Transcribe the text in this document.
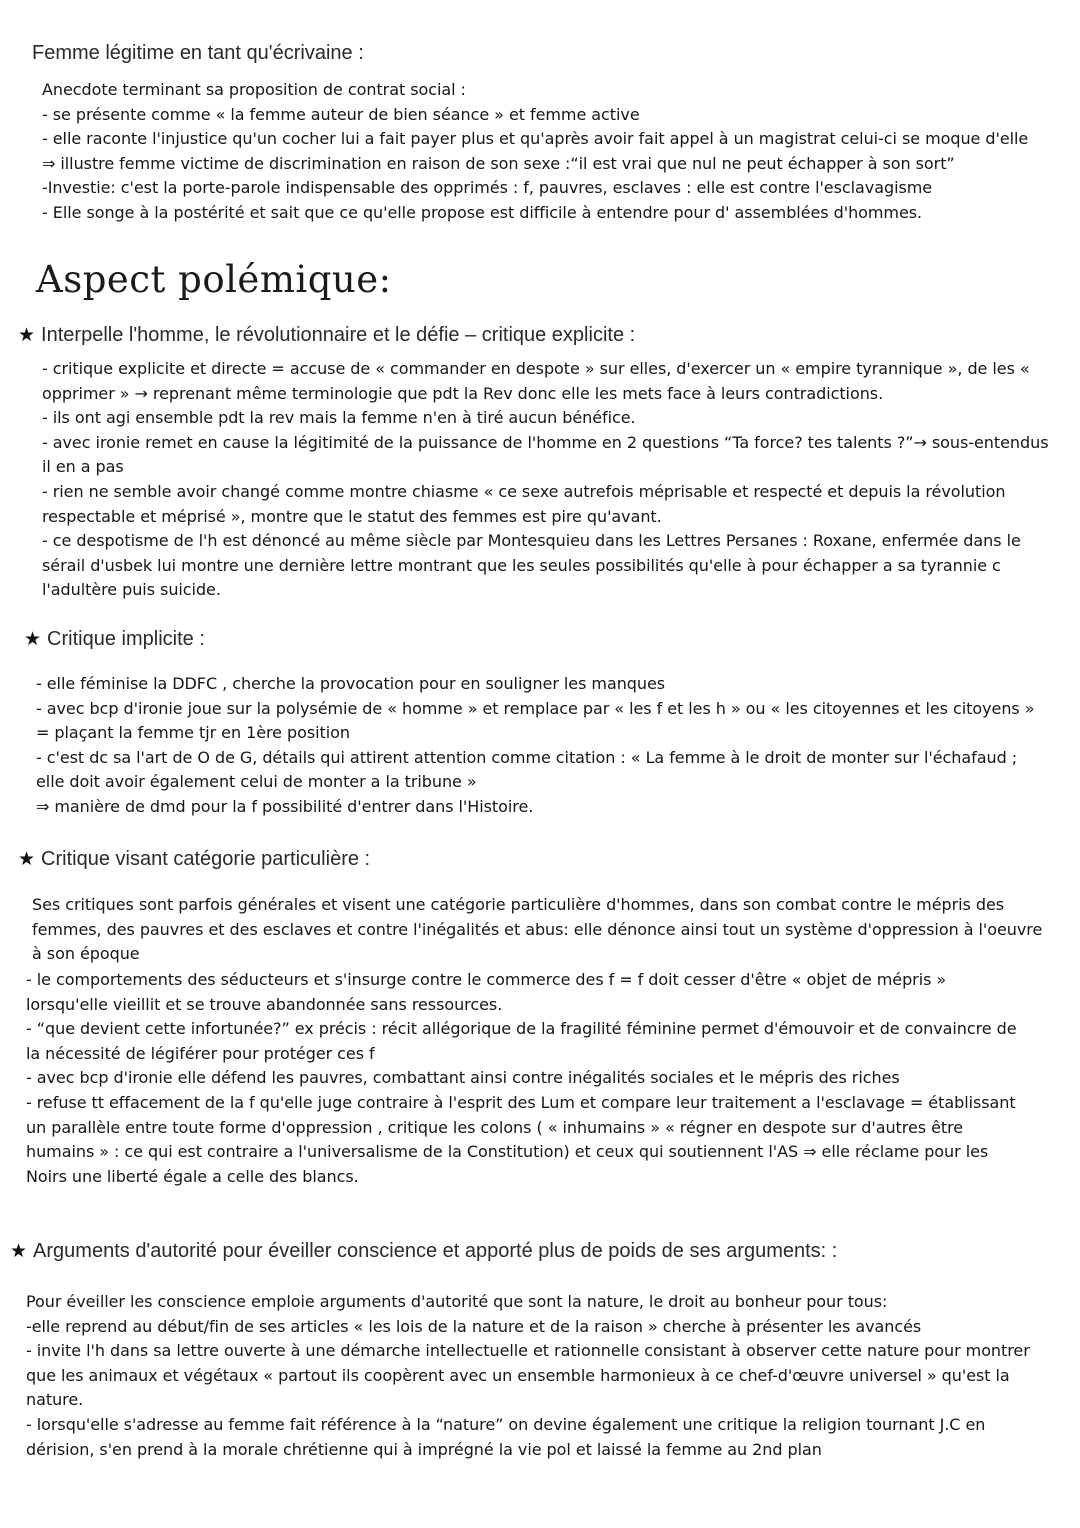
Femme légitime en tant qu'écrivaine :
Anecdote terminant sa proposition de contrat social :
- se présente comme « la femme auteur de bien séance » et femme active
- elle raconte l'injustice qu'un cocher lui a fait payer plus et qu'après avoir fait appel à un magistrat celui-ci se moque d'elle
⇒ illustre femme victime de discrimination en raison de son sexe :“il est vrai que nul ne peut échapper à son sort”
-Investie: c'est la porte-parole indispensable des opprimés : f, pauvres, esclaves : elle est contre l'esclavagisme
- Elle songe à la postérité et sait que ce qu'elle propose est difficile à entendre pour d' assemblées d'hommes.
Aspect polémique:
★ Interpelle l'homme, le révolutionnaire et le défie – critique explicite :
- critique explicite et directe = accuse de « commander en despote » sur elles, d'exercer un « empire tyrannique », de les «
opprimer » → reprenant même terminologie que pdt la Rev donc elle les mets face à leurs contradictions.
- ils ont agi ensemble pdt la rev mais la femme n'en à tiré aucun bénéfice.
- avec ironie remet en cause la légitimité de la puissance de l'homme en 2 questions “Ta force? tes talents ?”→ sous-entendus
il en a pas
- rien ne semble avoir changé comme montre chiasme « ce sexe autrefois méprisable et respecté et depuis la révolution
respectable et méprisé », montre que le statut des femmes est pire qu'avant.
- ce despotisme de l'h est dénoncé au même siècle par Montesquieu dans les Lettres Persanes : Roxane, enfermée dans le
sérail d'usbek lui montre une dernière lettre montrant que les seules possibilités qu'elle à pour échapper a sa tyrannie c
l'adultère puis suicide.
★ Critique implicite :
- elle féminise la DDFC , cherche la provocation pour en souligner les manques
- avec bcp d'ironie joue sur la polysémie de « homme » et remplace par « les f et les h » ou « les citoyennes et les citoyens »
= plaçant la femme tjr en 1ère position
- c'est dc sa l'art de O de G, détails qui attirent attention comme citation : « La femme à le droit de monter sur l'échafaud ;
elle doit avoir également celui de monter a la tribune »
⇒ manière de dmd pour la f possibilité d'entrer dans l'Histoire.
★ Critique visant catégorie particulière :
Ses critiques sont parfois générales et visent une catégorie particulière d'hommes, dans son combat contre le mépris des
femmes, des pauvres et des esclaves et contre l'inégalités et abus: elle dénonce ainsi tout un système d'oppression à l'oeuvre
à son époque
- le comportements des séducteurs et s'insurge contre le commerce des f = f doit cesser d'être « objet de mépris »
lorsqu'elle vieillit et se trouve abandonnée sans ressources.
- “que devient cette infortunée?” ex précis : récit allégorique de la fragilité féminine permet d'émouvoir et de convaincre de
la nécessité de légiférer pour protéger ces f
- avec bcp d'ironie elle défend les pauvres, combattant ainsi contre inégalités sociales et le mépris des riches
- refuse tt effacement de la f qu'elle juge contraire à l'esprit des Lum et compare leur traitement a l'esclavage = établissant
un parallèle entre toute forme d'oppression , critique les colons ( « inhumains » « régner en despote sur d'autres être
humains » : ce qui est contraire a l'universalisme de la Constitution) et ceux qui soutiennent l'AS ⇒ elle réclame pour les
Noirs une liberté égale a celle des blancs.
★ Arguments d'autorité pour éveiller conscience et apporté plus de poids de ses arguments: :
Pour éveiller les conscience emploie arguments d'autorité que sont la nature, le droit au bonheur pour tous:
-elle reprend au début/fin de ses articles « les lois de la nature et de la raison » cherche à présenter les avancés
- invite l'h dans sa lettre ouverte à une démarche intellectuelle et rationnelle consistant à observer cette nature pour montrer
que les animaux et végétaux « partout ils coopèrent avec un ensemble harmonieux à ce chef-d'œuvre universel » qu'est la
nature.
- lorsqu'elle s'adresse au femme fait référence à la “nature” on devine également une critique la religion tournant J.C en
dérision, s'en prend à la morale chrétienne qui à imprégné la vie pol et laissé la femme au 2nd plan
